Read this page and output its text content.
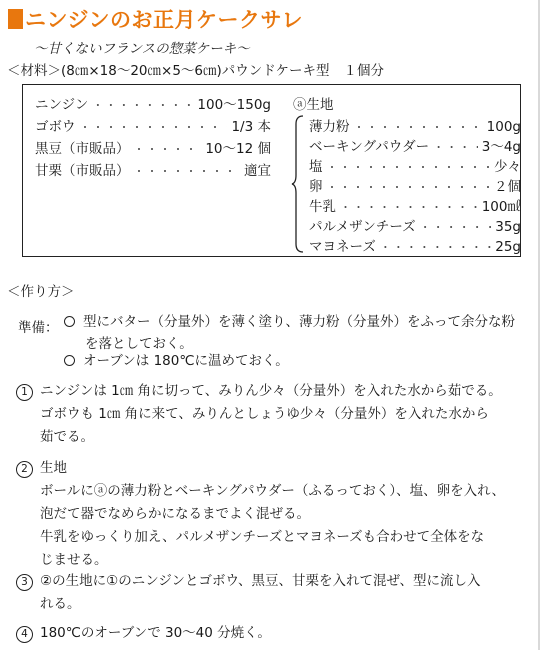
ニンジンのお正月ケークサレ
～甘くないフランスの惣菜ケーキ～
＜材料＞(8㎝×18～20㎝×5～6㎝)パウンドケーキ型 １個分
ニンジン ・・・・・・・・・・・・・・・・・・・・・・・・・・・・・・・・・・・・・・・・・・・・・・・・・・・	100～150g
ゴボウ ・・・・・・・・・・・・・・・・・・・・・・・・・・・・・・・・・・・・・・・・・・・・・・・・・・・	1/3 本
黒豆（市販品） ・・・・・・・・・・・・・・・・・・・・・・・・・・・・・・・・・・・・・・・・・・・・・・・・・・・	10～12 個
甘栗（市販品） ・・・・・・・・・・・・・・・・・・・・・・・・・・・・・・・・・・・・・・・・・・・・・・・・・・・	適宜
ⓐ生地
薄力粉 ・・・・・・・・・・・・・・・・・・・・・・・・・・・・・・・・・・・・・・・・・・・・・・・・・・・	100g
ベーキングパウダー ・・・・・・・・・・・・・・・・・・・・・・・・・・・・・・・・・・・・・・・・・・・・・・・・・・・	3～4g
塩 ・・・・・・・・・・・・・・・・・・・・・・・・・・・・・・・・・・・・・・・・・・・・・・・・・・・	少々
卵 ・・・・・・・・・・・・・・・・・・・・・・・・・・・・・・・・・・・・・・・・・・・・・・・・・・・	２個
牛乳 ・・・・・・・・・・・・・・・・・・・・・・・・・・・・・・・・・・・・・・・・・・・・・・・・・・・	100㎖
パルメザンチーズ ・・・・・・・・・・・・・・・・・・・・・・・・・・・・・・・・・・・・・・・・・・・・・・・・・・・	35g
マヨネーズ ・・・・・・・・・・・・・・・・・・・・・・・・・・・・・・・・・・・・・・・・・・・・・・・・・・・	25g
＜作り方＞
準備：	型にバター（分量外）を薄く塗り、薄力粉（分量外）をふって余分な粉
を落としておく。
オーブンは 180℃に温めておく。
1 ニンジンは 1㎝ 角に切って、みりん少々（分量外）を入れた水から茹でる。
ゴボウも 1㎝ 角に来て、みりんとしょうゆ少々（分量外）を入れた水から
茹でる。
2 生地
ボールにⓐの薄力粉とベーキングパウダー（ふるっておく）、塩、卵を入れ、
泡だて器でなめらかになるまでよく混ぜる。
牛乳をゆっくり加え、パルメザンチーズとマヨネーズも合わせて全体をな
じませる。
3 ②の生地に①のニンジンとゴボウ、黒豆、甘栗を入れて混ぜ、型に流し入
れる。
4 180℃のオーブンで 30～40 分焼く。
